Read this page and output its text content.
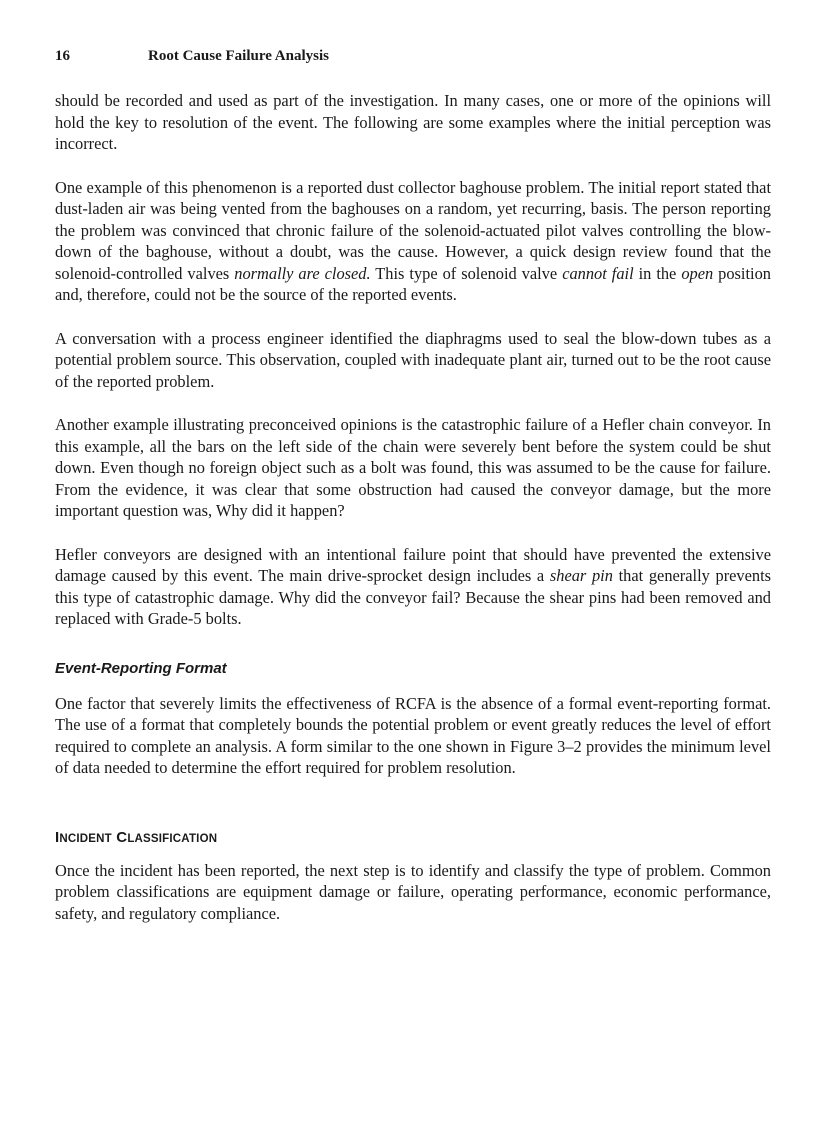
16	Root Cause Failure Analysis

should be recorded and used as part of the investigation. In many cases, one or more of the opinions will hold the key to resolution of the event. The following are some examples where the initial perception was incorrect.

One example of this phenomenon is a reported dust collector baghouse problem. The initial report stated that dust-laden air was being vented from the baghouses on a random, yet recurring, basis. The person reporting the problem was convinced that chronic failure of the solenoid-actuated pilot valves controlling the blow-down of the baghouse, without a doubt, was the cause. However, a quick design review found that the solenoid-controlled valves normally are closed. This type of solenoid valve cannot fail in the open position and, therefore, could not be the source of the reported events.

A conversation with a process engineer identified the diaphragms used to seal the blow-down tubes as a potential problem source. This observation, coupled with inadequate plant air, turned out to be the root cause of the reported problem.

Another example illustrating preconceived opinions is the catastrophic failure of a Hefler chain conveyor. In this example, all the bars on the left side of the chain were severely bent before the system could be shut down. Even though no foreign object such as a bolt was found, this was assumed to be the cause for failure. From the evidence, it was clear that some obstruction had caused the conveyor damage, but the more important question was, Why did it happen?

Hefler conveyors are designed with an intentional failure point that should have prevented the extensive damage caused by this event. The main drive-sprocket design includes a shear pin that generally prevents this type of catastrophic damage. Why did the conveyor fail? Because the shear pins had been removed and replaced with Grade-5 bolts.

Event-Reporting Format

One factor that severely limits the effectiveness of RCFA is the absence of a formal event-reporting format. The use of a format that completely bounds the potential problem or event greatly reduces the level of effort required to complete an analysis. A form similar to the one shown in Figure 3–2 provides the minimum level of data needed to determine the effort required for problem resolution.

INCIDENT CLASSIFICATION

Once the incident has been reported, the next step is to identify and classify the type of problem. Common problem classifications are equipment damage or failure, operating performance, economic performance, safety, and regulatory compliance.
